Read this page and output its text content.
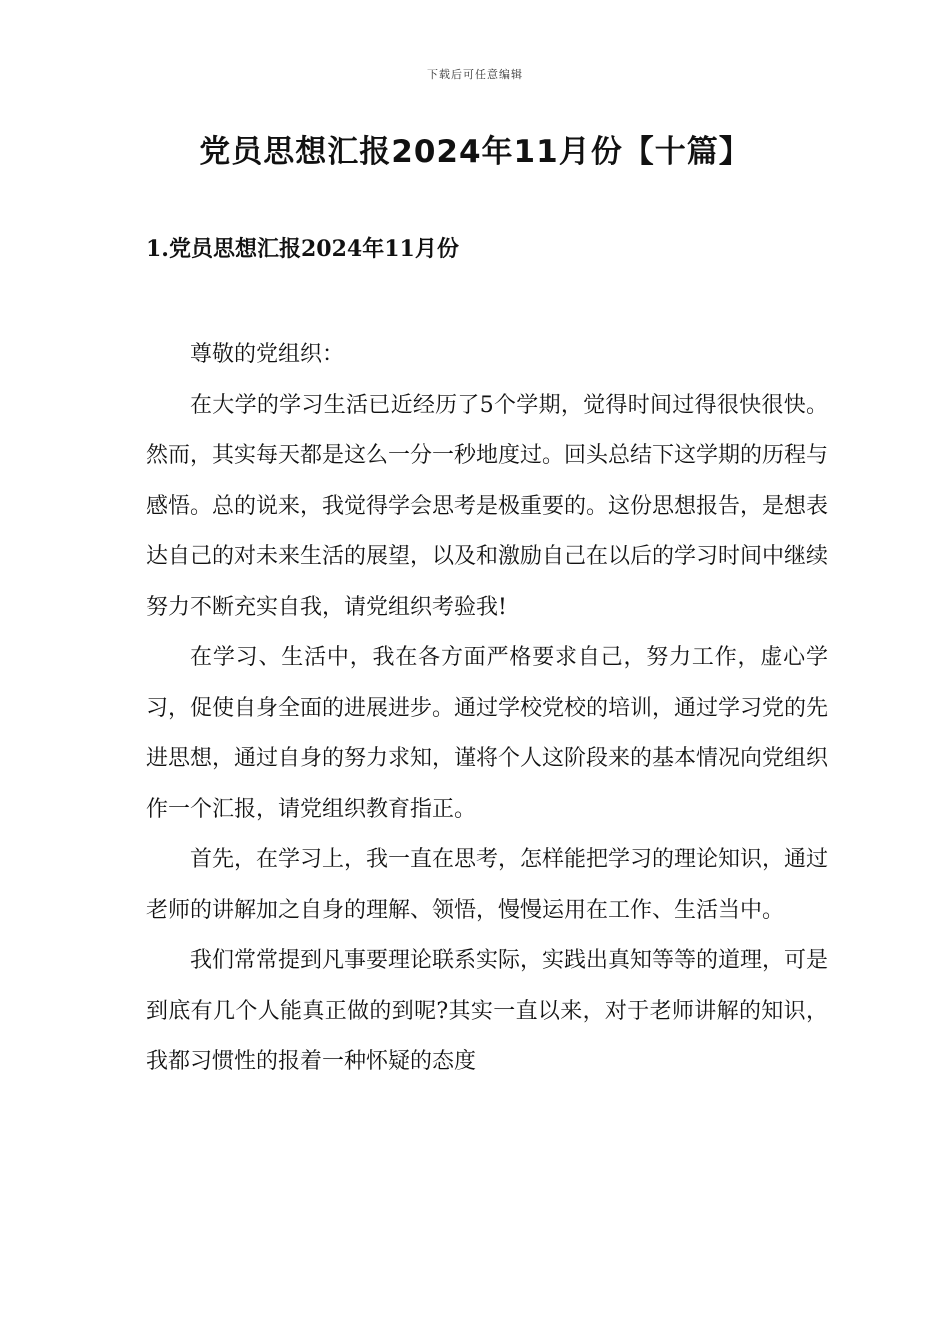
下载后可任意编辑
党员思想汇报2024年11月份【十篇】
1.党员思想汇报2024年11月份

尊敬的党组织：

在大学的学习生活已近经历了5个学期，觉得时间过得很快很快。然而，其实每天都是这么一分一秒地度过。回头总结下这学期的历程与感悟。总的说来，我觉得学会思考是极重要的。这份思想报告，是想表达自己的对未来生活的展望，以及和激励自己在以后的学习时间中继续努力不断充实自我，请党组织考验我!

在学习、生活中，我在各方面严格要求自己，努力工作，虚心学习，促使自身全面的进展进步。通过学校党校的培训，通过学习党的先进思想，通过自身的努力求知，谨将个人这阶段来的基本情况向党组织作一个汇报，请党组织教育指正。

首先，在学习上，我一直在思考，怎样能把学习的理论知识，通过老师的讲解加之自身的理解、领悟，慢慢运用在工作、生活当中。

我们常常提到凡事要理论联系实际，实践出真知等等的道理，可是到底有几个人能真正做的到呢?其实一直以来，对于老师讲解的知识，我都习惯性的报着一种怀疑的态度
